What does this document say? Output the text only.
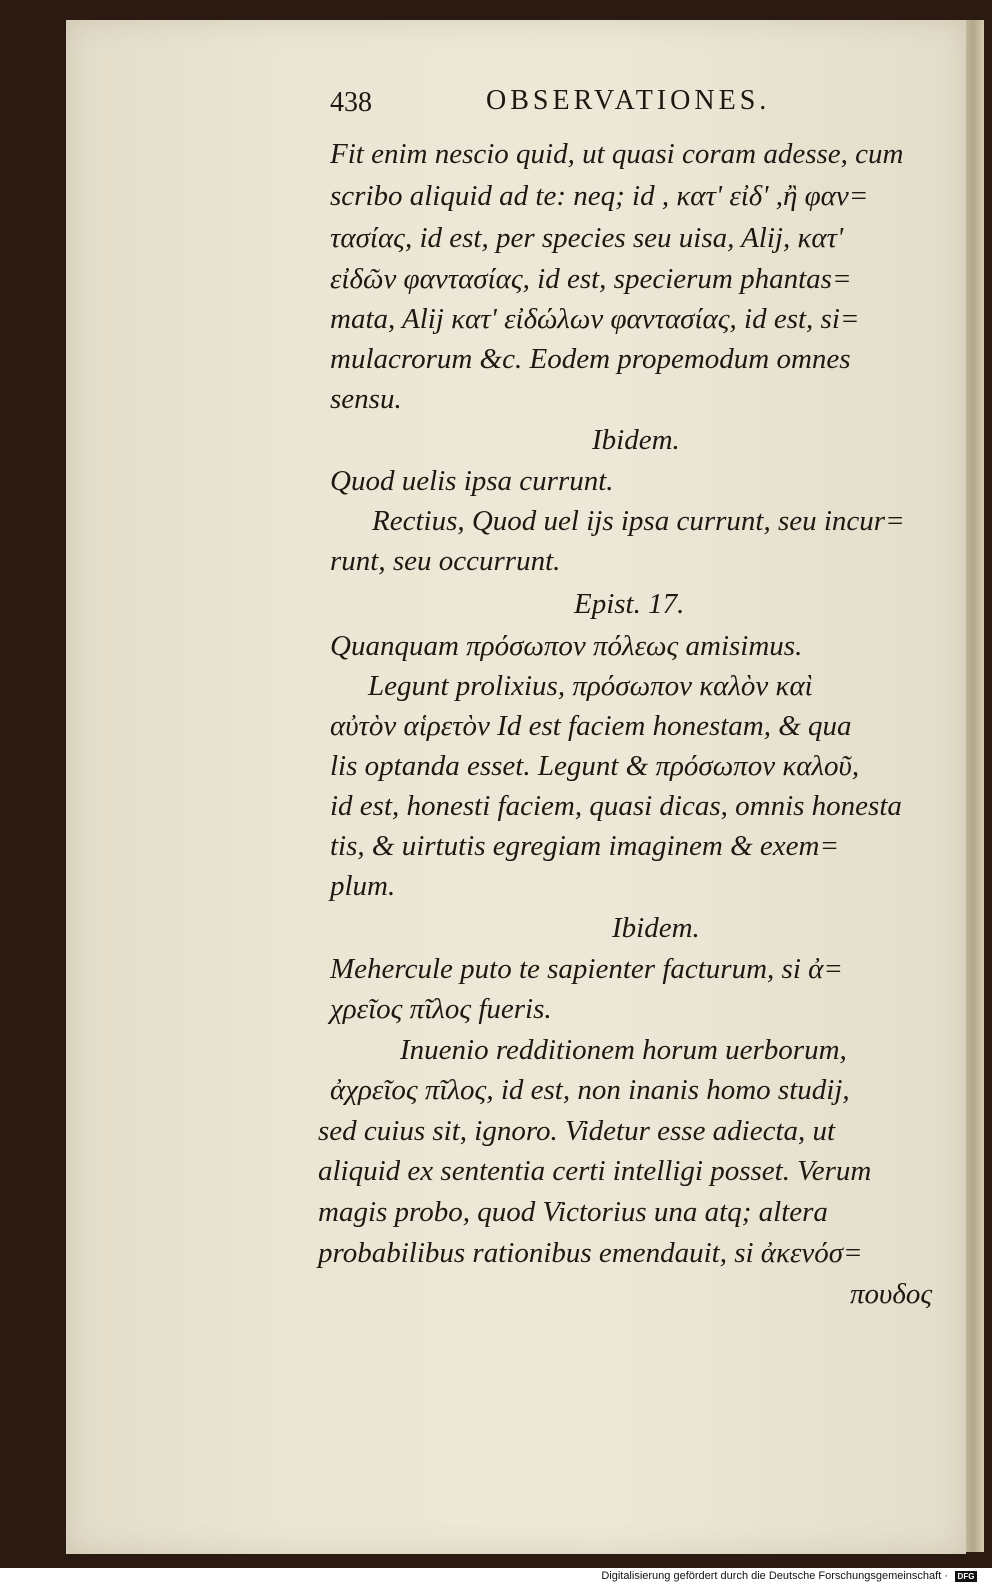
438	OBSERVATIONES.
Fit enim nescio quid, ut quasi coram adesse, cum
scribo aliquid ad te: neq; id , κατ' εἰδ' ,ἢ φαν=
τασίας, id est, per species seu uisa, Alij, κατ'
εἰδῶν φαντασίας, id est, specierum phantas=
mata, Alij κατ' εἰδώλων φαντασίας, id est, si=
mulacrorum &c. Eodem propemodum omnes
sensu.
Ibidem.
Quod uelis ipsa currunt.
Rectius, Quod uel ijs ipsa currunt, seu incur=
runt, seu occurrunt.
Epist. 17.
Quanquam πρόσωπον πόλεως amisimus.
Legunt prolixius, πρόσωπον καλὸν καὶ
αὐτὸν αἱρετὸν Id est faciem honestam, & qua
lis optanda esset. Legunt & πρόσωπον καλοῦ,
id est, honesti faciem, quasi dicas, omnis honesta
tis, & uirtutis egregiam imaginem & exem=
plum.
Ibidem.
Mehercule puto te sapienter facturum, si ἀ=
χρεῖος πῖλος fueris.
Inuenio redditionem horum uerborum,
ἀχρεῖος πῖλος, id est, non inanis homo studij,
sed cuius sit, ignoro. Videtur esse adiecta, ut
aliquid ex sententia certi intelligi posset. Verum
magis probo, quod Victorius una atq; altera
probabilibus rationibus emendauit, si ἀκενόσ=
πουδος
Digitalisierung gefördert durch die Deutsche Forschungsgemeinschaft ·	DFG
